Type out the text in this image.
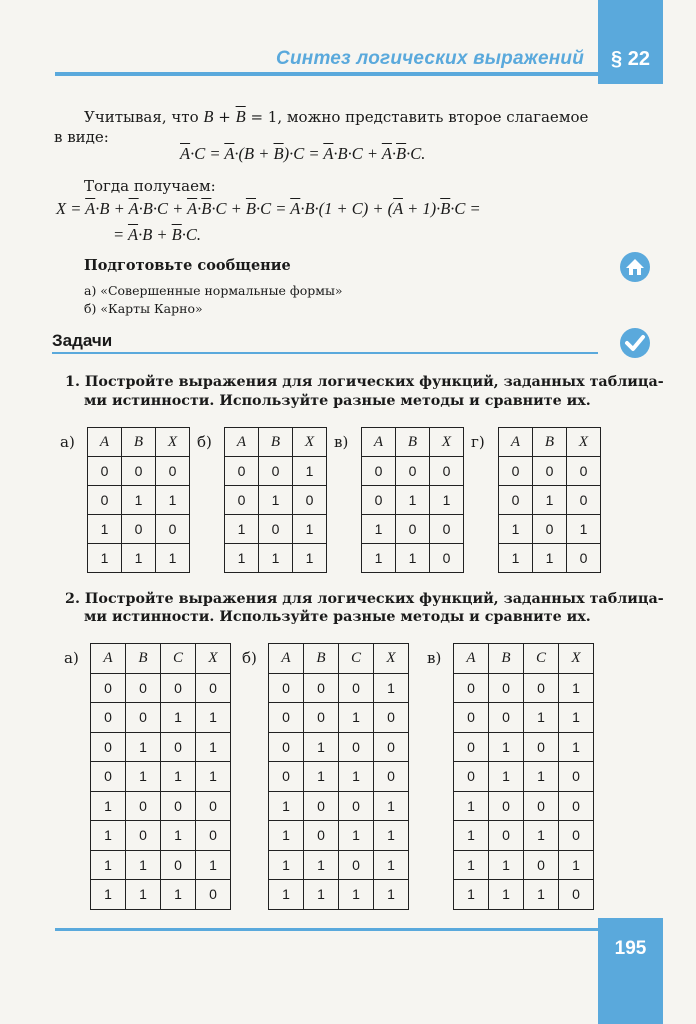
Синтез логических выражений	§ 22
Учитывая, что $B + \overline{B} = 1$, можно представить второе слагаемое в виде:
$\overline{A}\cdot C = \overline{A}\cdot(B + \overline{B})\cdot C = \overline{A}\cdot B\cdot C + \overline{A}\cdot\overline{B}\cdot C$.
Тогда получаем:
$X = \overline{A}\cdot B + \overline{A}\cdot B\cdot C + \overline{A}\cdot\overline{B}\cdot C + \overline{B}\cdot C = \overline{A}\cdot B\cdot(1 + C) + (\overline{A} + 1)\cdot\overline{B}\cdot C$ =
= $\overline{A}\cdot B + \overline{B}\cdot C$.
Подготовьте сообщение
а) «Совершенные нормальные формы»
б) «Карты Карно»
Задачи
1. Постройте выражения для логических функций, заданных таблица-
ми истинности. Используйте разные методы и сравните их.
а) A	B	X
0	0	0
0	1	1
1	0	0
1	1	1
б) A	B	X
0	0	1
0	1	0
1	0	1
1	1	1
в) A	B	X
0	0	0
0	1	1
1	0	0
1	1	0
г) A	B	X
0	0	0
0	1	0
1	0	1
1	1	0
2. Постройте выражения для логических функций, заданных таблица-
ми истинности. Используйте разные методы и сравните их.
а) A	B	C	X
0	0	0	0
0	0	1	1
0	1	0	1
0	1	1	1
1	0	0	0
1	0	1	0
1	1	0	1
1	1	1	0
б) A	B	C	X
0	0	0	1
0	0	1	0
0	1	0	0
0	1	1	0
1	0	0	1
1	0	1	1
1	1	0	1
1	1	1	1
в) A	B	C	X
0	0	0	1
0	0	1	1
0	1	0	1
0	1	1	0
1	0	0	0
1	0	1	0
1	1	0	1
1	1	1	0
195
